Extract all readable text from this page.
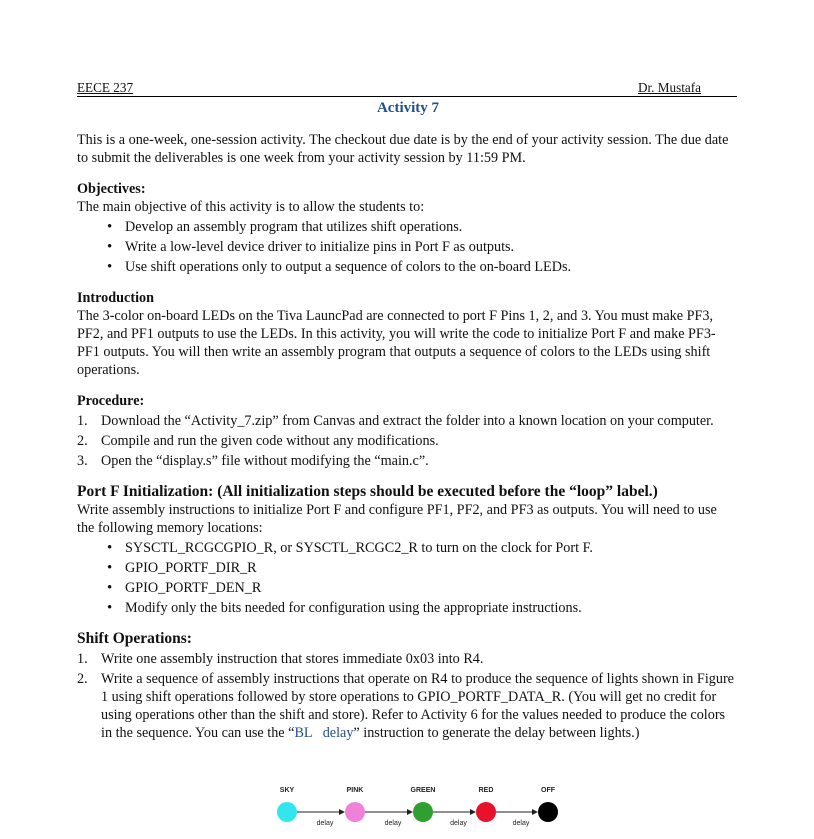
EECE 237	Dr. Mustafa
Activity 7

This is a one-week, one-session activity. The checkout due date is by the end of your activity session. The due date to submit the deliverables is one week from your activity session by 11:59 PM.

Objectives:

The main objective of this activity is to allow the students to:

• Develop an assembly program that utilizes shift operations.
• Write a low-level device driver to initialize pins in Port F as outputs.
• Use shift operations only to output a sequence of colors to the on-board LEDs.
Introduction

The 3-color on-board LEDs on the Tiva LauncPad are connected to port F Pins 1, 2, and 3. You must make PF3, PF2, and PF1 outputs to use the LEDs. In this activity, you will write the code to initialize Port F and make PF3-PF1 outputs. You will then write an assembly program that outputs a sequence of colors to the LEDs using shift operations.

Procedure:
1. Download the “Activity_7.zip” from Canvas and extract the folder into a known location on your computer.
2. Compile and run the given code without any modifications.
3. Open the “display.s” file without modifying the “main.c”.
Port F Initialization: (All initialization steps should be executed before the “loop” label.)

Write assembly instructions to initialize Port F and configure PF1, PF2, and PF3 as outputs. You will need to use the following memory locations:

• SYSCTL_RCGCGPIO_R, or SYSCTL_RCGC2_R to turn on the clock for Port F.
• GPIO_PORTF_DIR_R
• GPIO_PORTF_DEN_R
• Modify only the bits needed for configuration using the appropriate instructions.
Shift Operations:
1. Write one assembly instruction that stores immediate 0x03 into R4.
2. Write a sequence of assembly instructions that operate on R4 to produce the sequence of lights shown in Figure 1 using shift operations followed by store operations to GPIO_PORTF_DATA_R. (You will get no credit for using operations other than the shift and store). Refer to Activity 6 for the values needed to produce the colors in the sequence. You can use the “BL   delay” instruction to generate the delay between lights.)
delay	delay	delay	delay
SKY	PINK	GREEN	RED	OFF
